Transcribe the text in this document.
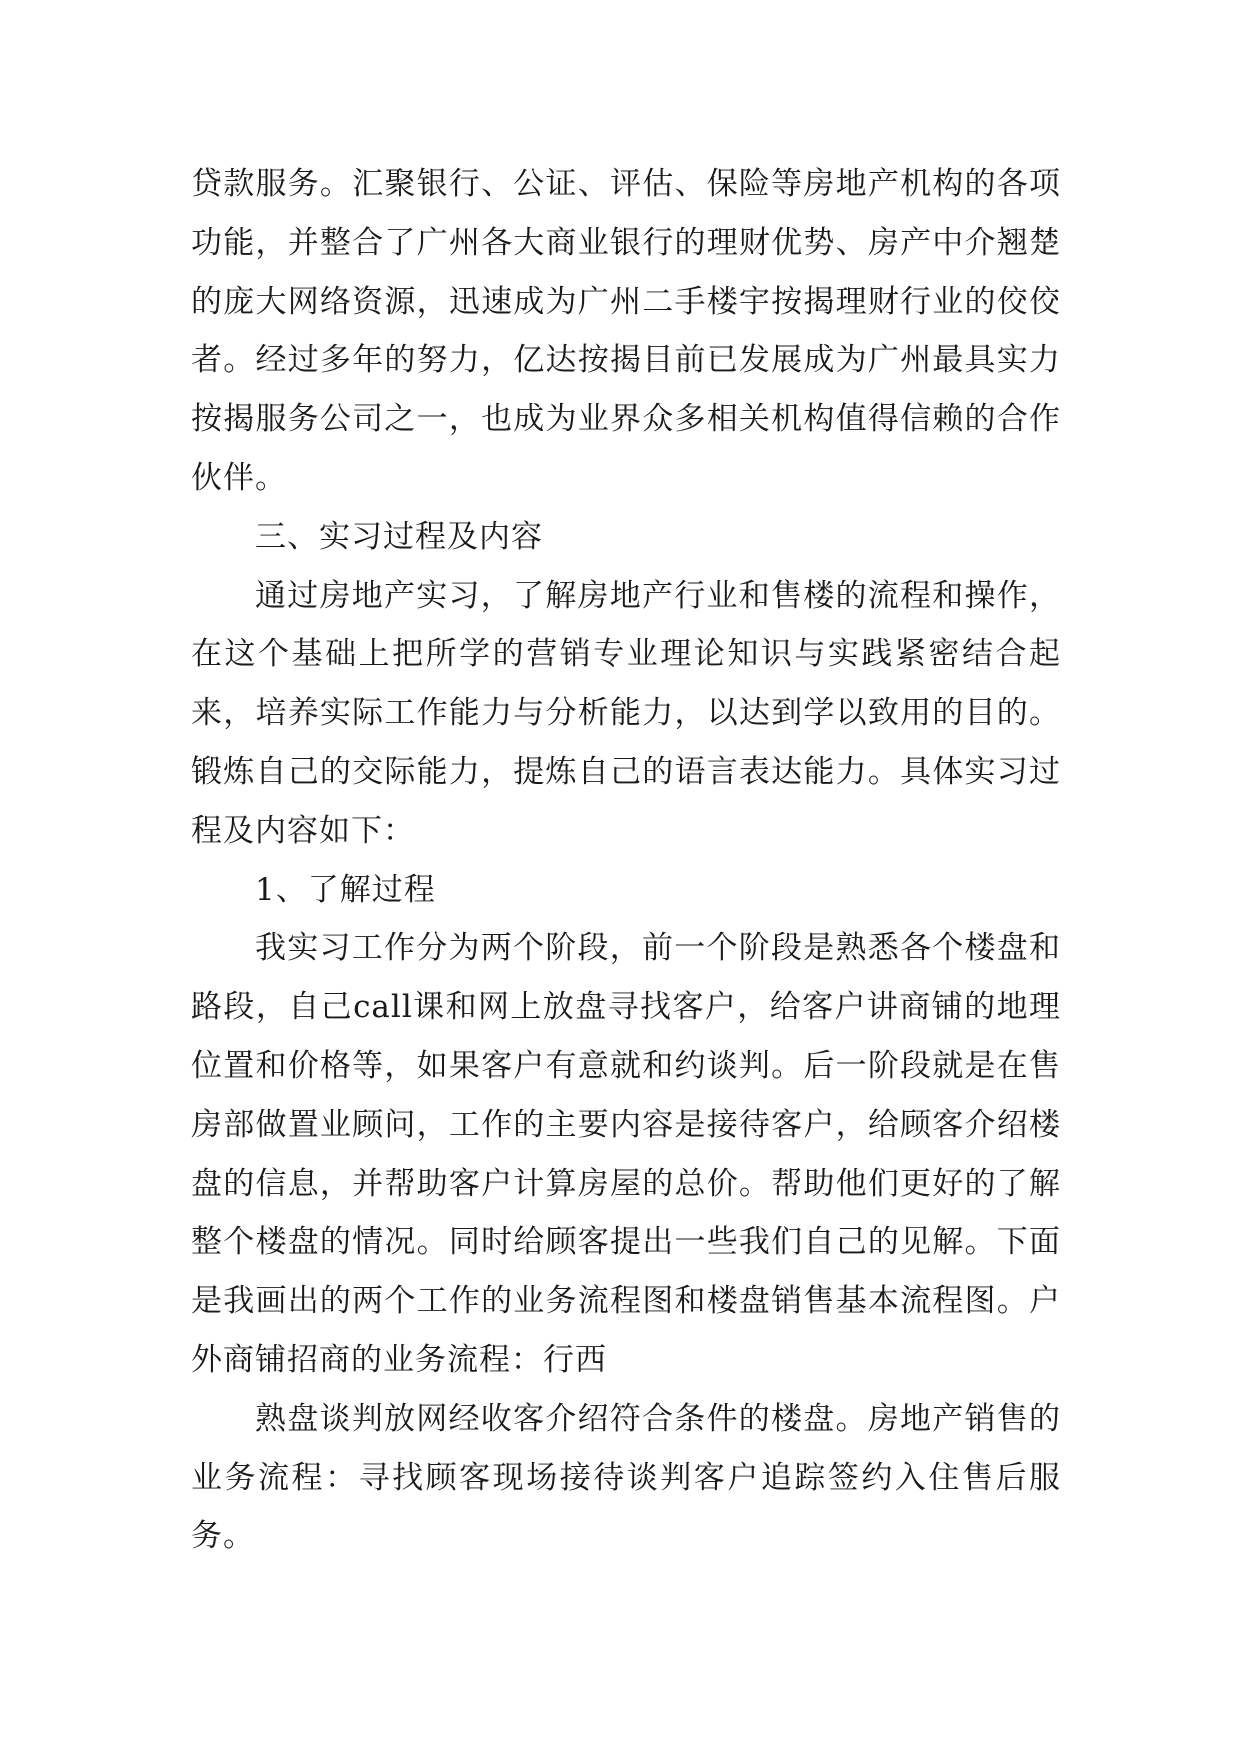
贷款服务。汇聚银行、公证、评估、保险等房地产机构的各项功能，并整合了广州各大商业银行的理财优势、房产中介翘楚的庞大网络资源，迅速成为广州二手楼宇按揭理财行业的佼佼者。经过多年的努力，亿达按揭目前已发展成为广州最具实力按揭服务公司之一，也成为业界众多相关机构值得信赖的合作伙伴。

三、实习过程及内容

通过房地产实习，了解房地产行业和售楼的流程和操作，在这个基础上把所学的营销专业理论知识与实践紧密结合起来，培养实际工作能力与分析能力，以达到学以致用的目的。锻炼自己的交际能力，提炼自己的语言表达能力。具体实习过程及内容如下：

1、了解过程

我实习工作分为两个阶段，前一个阶段是熟悉各个楼盘和路段，自己call课和网上放盘寻找客户，给客户讲商铺的地理位置和价格等，如果客户有意就和约谈判。后一阶段就是在售房部做置业顾问，工作的主要内容是接待客户，给顾客介绍楼盘的信息，并帮助客户计算房屋的总价。帮助他们更好的了解整个楼盘的情况。同时给顾客提出一些我们自己的见解。下面是我画出的两个工作的业务流程图和楼盘销售基本流程图。户外商铺招商的业务流程：行西

熟盘谈判放网经收客介绍符合条件的楼盘。房地产销售的业务流程：寻找顾客现场接待谈判客户追踪签约入住售后服务。
